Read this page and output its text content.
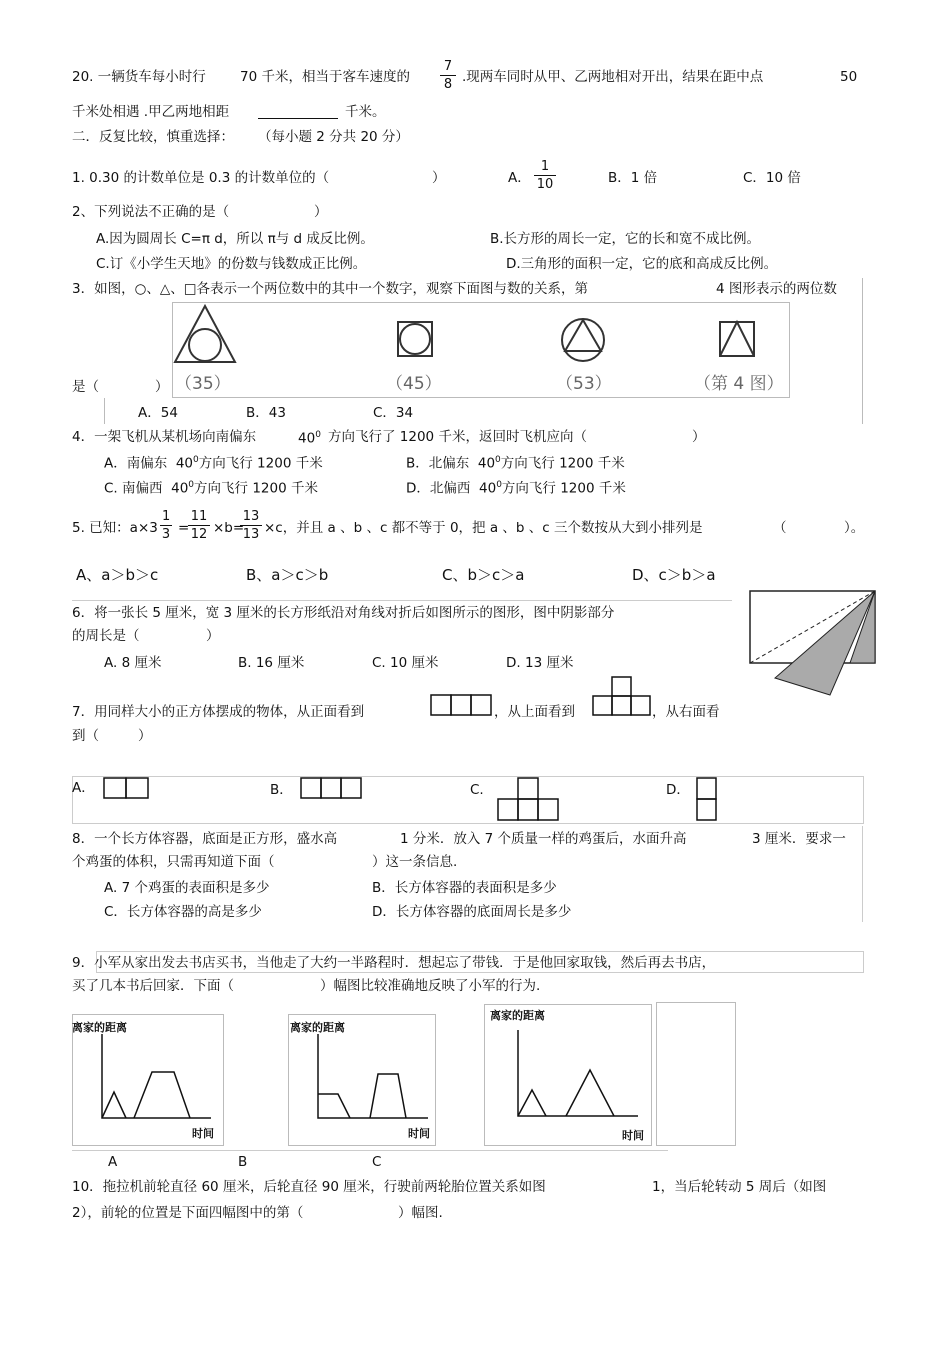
20. 一辆货车每小时行	70 千米，相当于客车速度的 $\frac{7}{8}$ .现两车同时从甲、乙两地相对开出，结果在距中点	50
千米处相遇 .甲乙两地相距	千米。
二．反复比较，慎重选择： （每小题 2 分共 20 分）
1. 0.30 的计数单位是 0.3 的计数单位的（	）	A． $\frac{1}{10}$	B．1 倍	C．10 倍
2、下列说法不正确的是（	）
A.因为圆周长 C=π d，所以 π与 d 成反比例。	B.长方形的周长一定，它的长和宽不成比例。
C.订《小学生天地》的份数与钱数成正比例。	D.三角形的面积一定，它的底和高成反比例。
3．如图，○、△、□各表示一个两位数中的其中一个数字，观察下面图与数的关系，第	4 图形表示的两位数
（35）	（45）	（53）	（第 4 图）
是（	）
A．54	B．43	C．34
4．一架飞机从某机场向南偏东	$40^0$ 方向飞行了 1200 千米，返回时飞机应向（	）
A．南偏东 $40^0$方向飞行 1200 千米	B．北偏东 $40^0$方向飞行 1200 千米
C. 南偏西 $40^0$方向飞行 1200 千米	D．北偏西 $40^0$方向飞行 1200 千米
5. 已知：$a\times 3 \frac{1}{3}$ =
$\frac{11}{12} \times b=$
$\frac{13}{13} \times c$，并且 a 、b 、c 都不等于 0，把 a 、b 、c 三个数按从大到小排列是	（	）。
A、a＞b＞c	B、a＞c＞b	C、b＞c＞a	D、c＞b＞a
6．将一张长 5 厘米，宽 3 厘米的长方形纸沿对角线对折后如图所示的图形，图中阴影部分
的周长是（	）
A. 8 厘米	B. 16 厘米	C. 10 厘米	D. 13 厘米
7．用同样大小的正方体摆成的物体，从正面看到	，从上面看到	，从右面看
到（	）
A．	B．	C.	D．
8．一个长方体容器，底面是正方形，盛水高	1 分米．放入 7 个质量一样的鸡蛋后，水面升高	3 厘米．要求一
个鸡蛋的体积，只需再知道下面（	）这一条信息.
A. 7 个鸡蛋的表面积是多少	B．长方体容器的表面积是多少
C．长方体容器的高是多少	D．长方体容器的底面周长是多少
9．小军从家出发去书店买书，当他走了大约一半路程时．想起忘了带钱．于是他回家取钱，然后再去书店，
买了几本书后回家．下面（	）幅图比较准确地反映了小军的行为.
离家的距离
时间
离家的距离
时间
离家的距离
时间
A	B	C
10．拖拉机前轮直径 60 厘米，后轮直径 90 厘米，行驶前两轮胎位置关系如图	1，当后轮转动 5 周后（如图
2），前轮的位置是下面四幅图中的第（	）幅图.
